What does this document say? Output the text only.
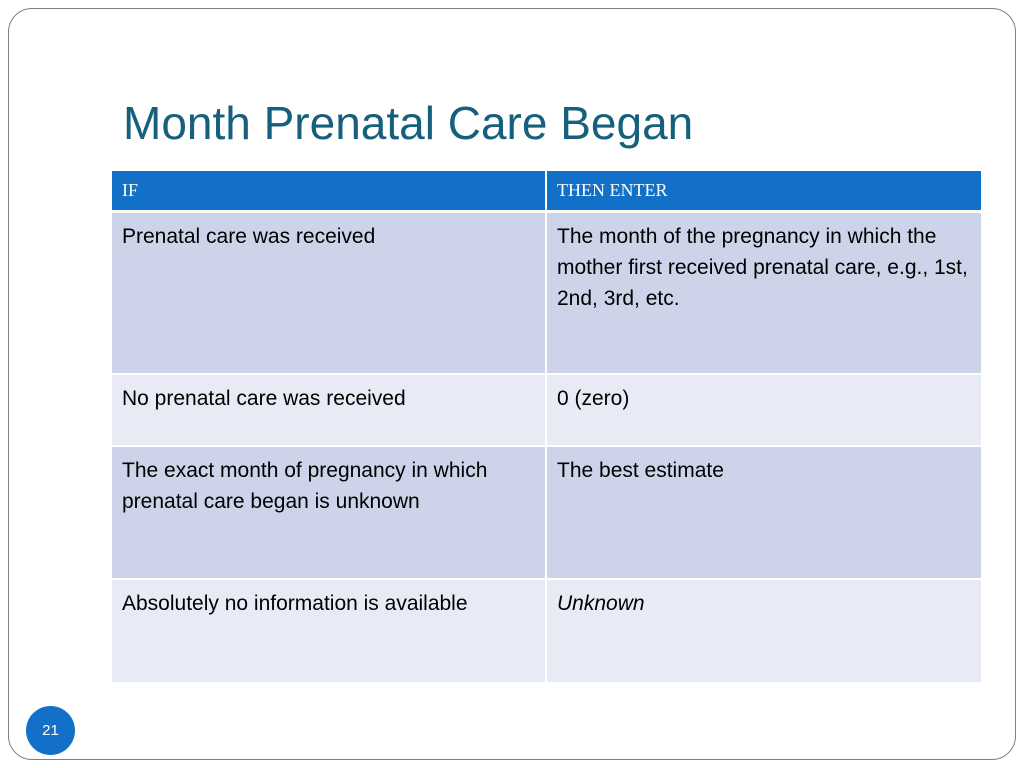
Month Prenatal Care Began
IF	THEN ENTER
Prenatal care was received	The month of the pregnancy in which the mother first received prenatal care, e.g., 1st, 2nd, 3rd, etc.
No prenatal care was received	0 (zero)
The exact month of pregnancy in which prenatal care began is unknown	The best estimate
Absolutely no information is available	Unknown
21
